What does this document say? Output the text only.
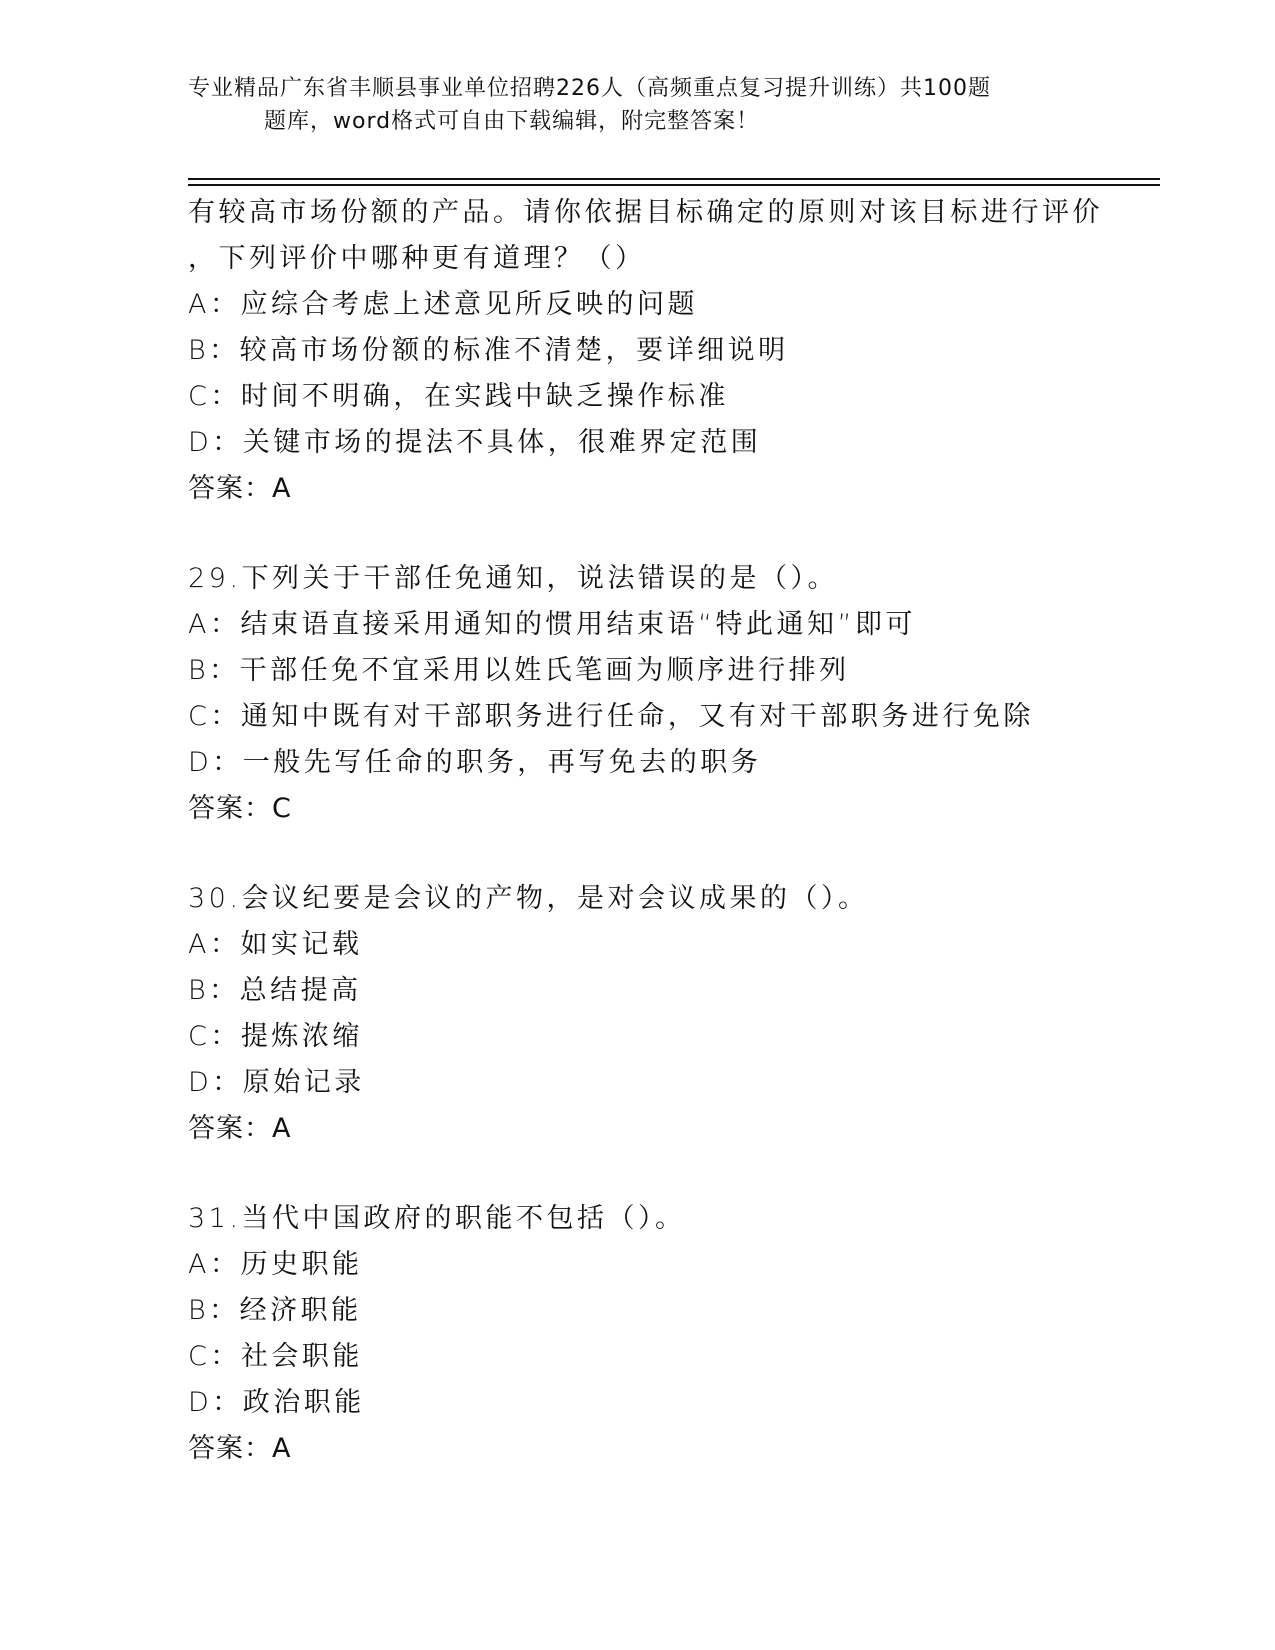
专业精品广东省丰顺县事业单位招聘226人（高频重点复习提升训练）共100题
题库，word格式可自由下载编辑，附完整答案！
有较高市场份额的产品。请你依据目标确定的原则对该目标进行评价
，下列评价中哪种更有道理？（）
A：应综合考虑上述意见所反映的问题
B：较高市场份额的标准不清楚，要详细说明
C：时间不明确，在实践中缺乏操作标准
D：关键市场的提法不具体，很难界定范围
答案：A
29.下列关于干部任免通知，说法错误的是（）。
A：结束语直接采用通知的惯用结束语“特此通知”即可
B：干部任免不宜采用以姓氏笔画为顺序进行排列
C：通知中既有对干部职务进行任命，又有对干部职务进行免除
D：一般先写任命的职务，再写免去的职务
答案：C
30.会议纪要是会议的产物，是对会议成果的（）。
A：如实记载
B：总结提高
C：提炼浓缩
D：原始记录
答案：A
31.当代中国政府的职能不包括（）。
A：历史职能
B：经济职能
C：社会职能
D：政治职能
答案：A
